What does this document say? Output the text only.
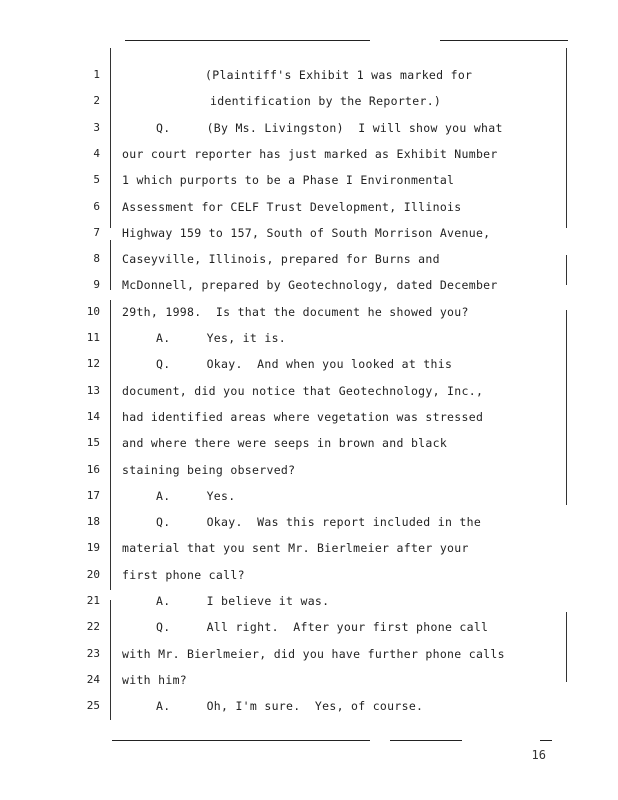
1	(Plaintiff's Exhibit 1 was marked for
2	identification by the Reporter.)
3	Q.     (By Ms. Livingston)  I will show you what
4 our court reporter has just marked as Exhibit Number
5 1 which purports to be a Phase I Environmental
6 Assessment for CELF Trust Development, Illinois
7 Highway 159 to 157, South of South Morrison Avenue,
8 Caseyville, Illinois, prepared for Burns and
9 McDonnell, prepared by Geotechnology, dated December
10 29th, 1998.  Is that the document he showed you?
11	A.     Yes, it is.
12	Q.     Okay.  And when you looked at this
13 document, did you notice that Geotechnology, Inc.,
14 had identified areas where vegetation was stressed
15 and where there were seeps in brown and black
16 staining being observed?
17	A.     Yes.
18	Q.     Okay.  Was this report included in the
19 material that you sent Mr. Bierlmeier after your
20 first phone call?
21	A.     I believe it was.
22	Q.     All right.  After your first phone call
23 with Mr. Bierlmeier, did you have further phone calls
24 with him?
25	A.     Oh, I'm sure.  Yes, of course.
16
